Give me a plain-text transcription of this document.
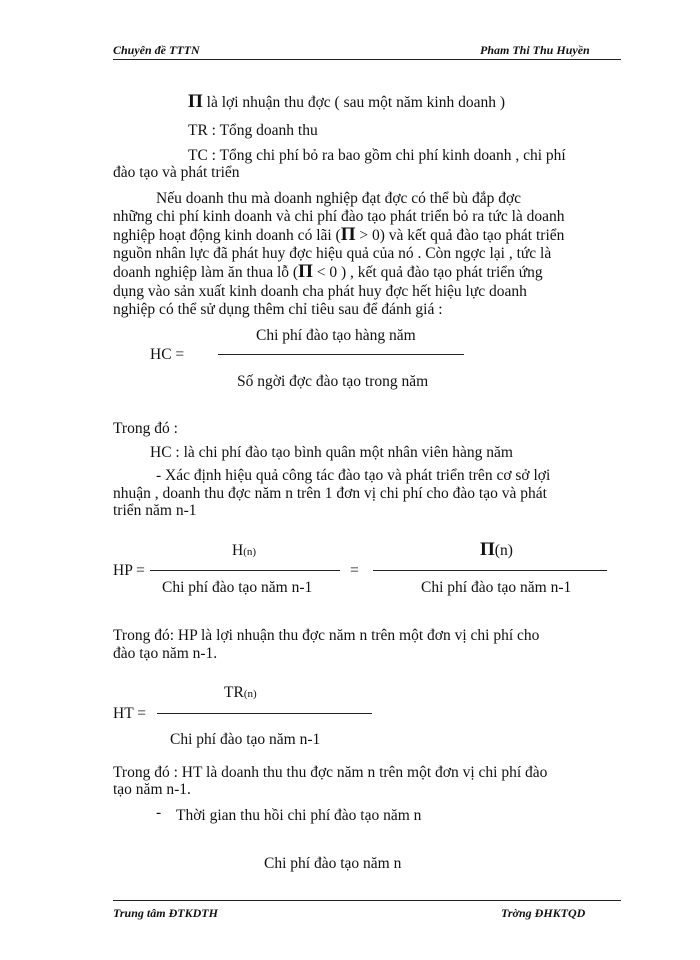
Chuyên đề TTTN	Pham Thi Thu Huyền
Π là lợi nhuận thu đợc ( sau một năm kinh doanh )
TR : Tổng doanh thu
TC : Tổng chi phí bỏ ra bao gồm chi phí kinh doanh , chi phí
đào tạo và phát triển
Nếu doanh thu mà doanh nghiệp đạt đợc có thể bù đắp đợc
những chi phí kinh doanh và chi phí đào tạo phát triển bỏ ra tức là doanh
nghiệp hoạt động kinh doanh có lãi (Π > 0) và kết quả đào tạo phát triển
nguồn nhân lực đã phát huy đợc hiệu quả của nó . Còn ngợc lại , tức là
doanh nghiệp làm ăn thua lỗ (Π < 0 ) , kết quả đào tạo phát triển ứng
dụng vào sản xuất kinh doanh cha phát huy đợc hết hiệu lực doanh
nghiệp có thể sử dụng thêm chỉ tiêu sau để đánh giá :
Chi phí đào tạo hàng năm
HC =
Số ngời đợc đào tạo trong năm
Trong đó :
HC : là chi phí đào tạo bình quân một nhân viên hàng năm
- Xác định hiệu quả công tác đào tạo và phát triển trên cơ sở lợi
nhuận , doanh thu đợc năm n trên 1 đơn vị chi phí cho đào tạo và phát
triển năm n-1
H(n)	Π(n)
HP =	=
Chi phí đào tạo năm n-1	Chi phí đào tạo năm n-1
Trong đó: HP là lợi nhuận thu đợc năm n trên một đơn vị chi phí cho
đào tạo năm n-1.
TR(n)
HT =
Chi phí đào tạo năm n-1
Trong đó : HT là doanh thu thu đợc năm n trên một đơn vị chi phí đào
tạo năm n-1.
- Thời gian thu hồi chi phí đào tạo năm n
Chi phí đào tạo năm n
Trung tâm ĐTKDTH	Trờng ĐHKTQD
